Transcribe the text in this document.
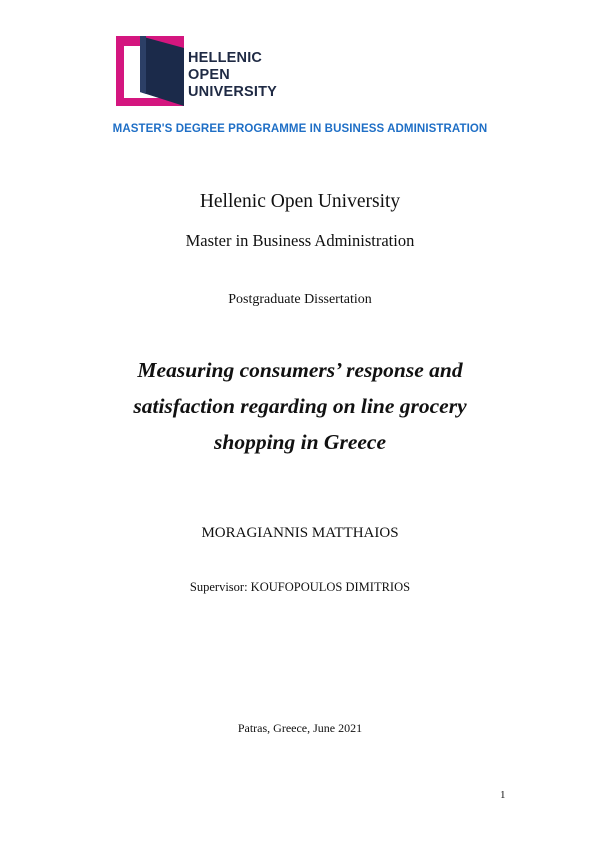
HELLENIC
OPEN
UNIVERSITY
MASTER'S DEGREE PROGRAMME IN BUSINESS ADMINISTRATION
Hellenic Open University
Master in Business Administration
Postgraduate Dissertation
Measuring consumers’ response and
satisfaction regarding on line grocery
shopping in Greece
MORAGIANNIS MATTHAIOS
Supervisor: KOUFOPOULOS DIMITRIOS
Patras, Greece, June 2021
1
